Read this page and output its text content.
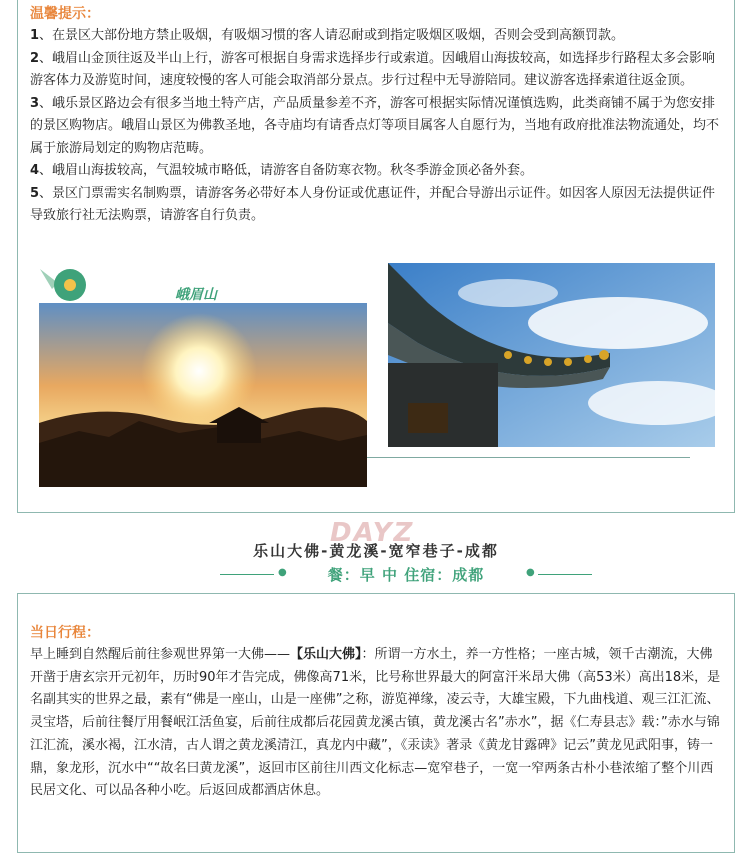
温馨提示：

1、在景区大部份地方禁止吸烟，有吸烟习惯的客人请忍耐或到指定吸烟区吸烟，否则会受到高额罚款。

2、峨眉山金顶往返及半山上行，游客可根据自身需求选择步行或索道。因峨眉山海拔较高，如选择步行路程太多会影响游客体力及游览时间，速度较慢的客人可能会取消部分景点。步行过程中无导游陪同。建议游客选择索道往返金顶。

3、峨乐景区路边会有很多当地土特产店，产品质量参差不齐，游客可根据实际情况谨慎选购，此类商铺不属于为您安排的景区购物店。峨眉山景区为佛教圣地，各寺庙均有请香点灯等项目属客人自愿行为，当地有政府批准法物流通处，均不属于旅游局划定的购物店范畴。

4、峨眉山海拔较高，气温较城市略低，请游客自备防寒衣物。秋冬季游金顶必备外套。

5、景区门票需实名制购票，请游客务必带好本人身份证或优惠证件，并配合导游出示证件。如因客人原因无法提供证件导致旅行社无法购票，请游客自行负责。

峨眉山
DAYZ
乐山大佛-黄龙溪-宽窄巷子-成都
●	餐：早 中 住宿：成都	●
当日行程：

早上睡到自然醒后前往参观世界第一大佛——【乐山大佛】：所谓一方水土，养一方性格；一座古城，领千古潮流，大佛开凿于唐玄宗开元初年，历时90年才告完成，佛像高71米，比号称世界最大的阿富汗米昂大佛（高53米）高出18米，是名副其实的世界之最，素有“佛是一座山，山是一座佛”之称，游览禅缘，凌云寺，大雄宝殿，下九曲栈道、观三江汇流、灵宝塔，后前往餐厅用餐岷江活鱼宴，后前往成都后花园黄龙溪古镇，黄龙溪古名”赤水”，据《仁寿县志》载：”赤水与锦江汇流，溪水褐，江水清，古人谓之黄龙溪清江，真龙内中藏”，《汞读》著录《黄龙甘露碑》记云”黄龙见武阳事，铸一鼎，象龙形，沉水中““故名曰黄龙溪”，返回市区前往川西文化标志—宽窄巷子，一宽一窄两条古朴小巷浓缩了整个川西民居文化、可以品各种小吃。后返回成都酒店休息。
